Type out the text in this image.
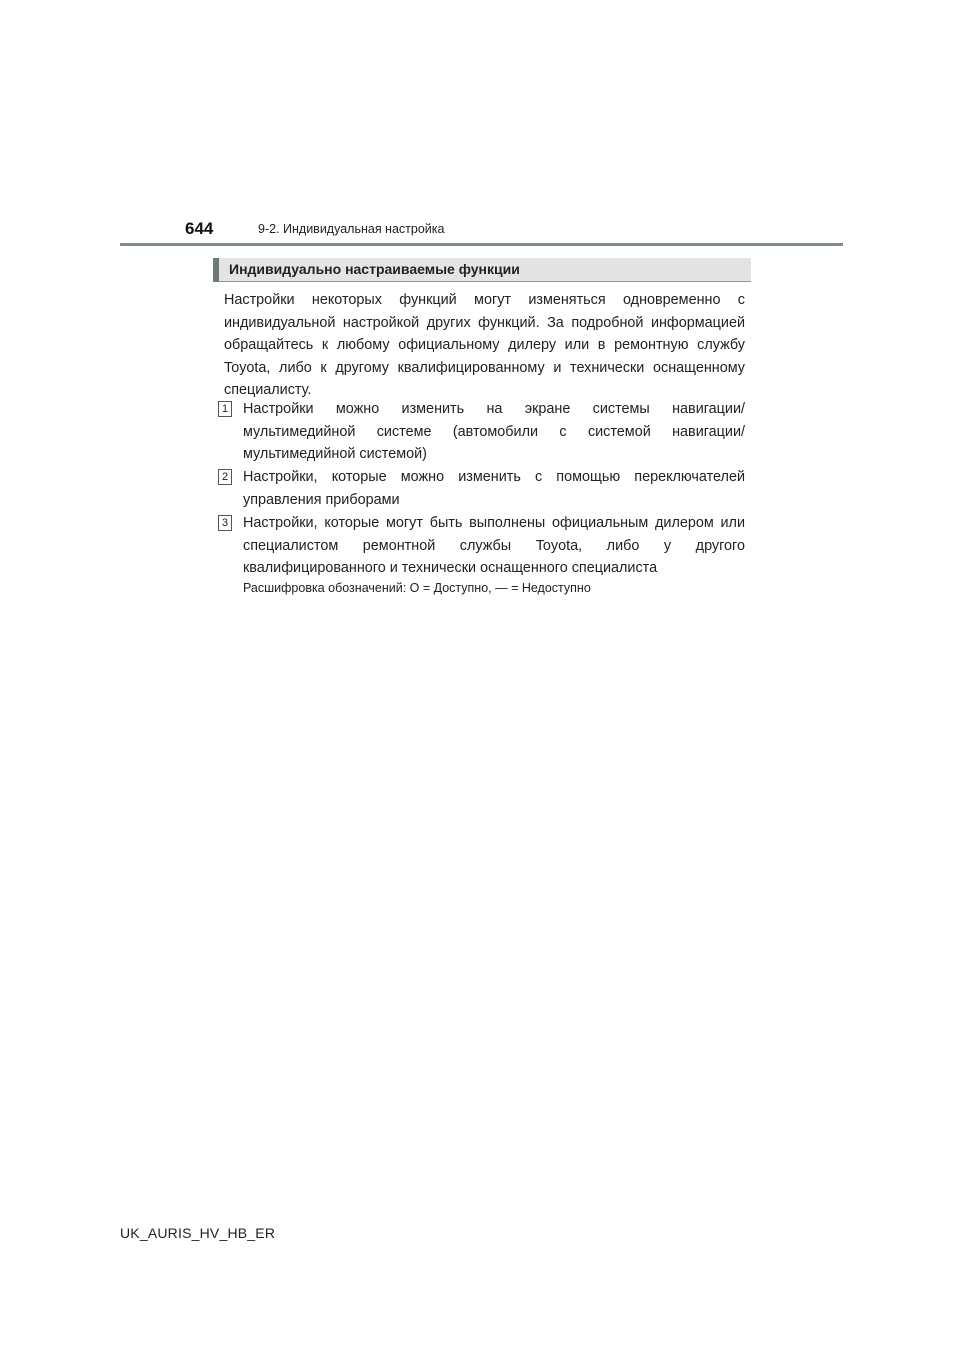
644	9-2. Индивидуальная настройка
Индивидуально настраиваемые функции
Настройки некоторых функций могут изменяться одновременно с индивидуальной настройкой других функций. За подробной информацией обращайтесь к любому официальному дилеру или в ремонтную службу Toyota, либо к другому квалифицированному и технически оснащенному специалисту.
1 Настройки можно изменить на экране системы навигации/мультимедийной системе (автомобили с системой навигации/мультимедийной системой)
2 Настройки, которые можно изменить с помощью переключателей управления приборами
3 Настройки, которые могут быть выполнены официальным дилером или специалистом ремонтной службы Toyota, либо у другого квалифицированного и технически оснащенного специалиста
Расшифровка обозначений: O = Доступно, — = Недоступно
UK_AURIS_HV_HB_ER
